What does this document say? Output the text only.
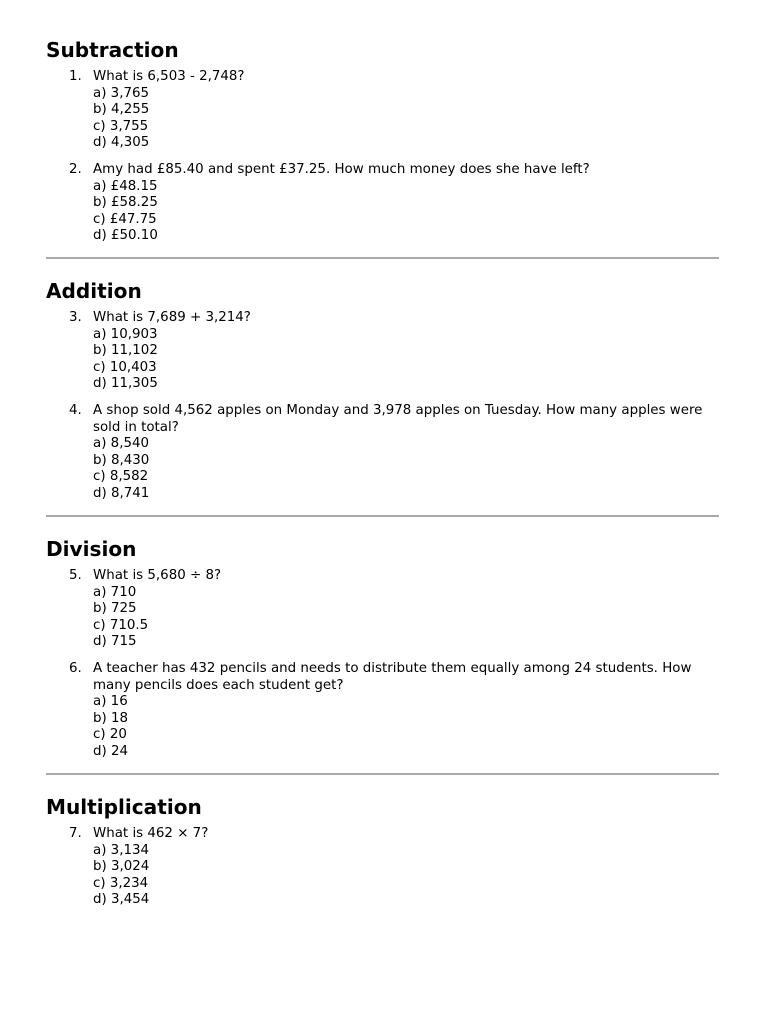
Subtraction
1. What is 6,503 - 2,748?
a) 3,765
b) 4,255
c) 3,755
d) 4,305
2. Amy had £85.40 and spent £37.25. How much money does she have left?
a) £48.15
b) £58.25
c) £47.75
d) £50.10
Addition
3. What is 7,689 + 3,214?
a) 10,903
b) 11,102
c) 10,403
d) 11,305
4. A shop sold 4,562 apples on Monday and 3,978 apples on Tuesday. How many apples were sold in total?
a) 8,540
b) 8,430
c) 8,582
d) 8,741
Division
5. What is 5,680 ÷ 8?
a) 710
b) 725
c) 710.5
d) 715
6. A teacher has 432 pencils and needs to distribute them equally among 24 students. How many pencils does each student get?
a) 16
b) 18
c) 20
d) 24
Multiplication
7. What is 462 × 7?
a) 3,134
b) 3,024
c) 3,234
d) 3,454
